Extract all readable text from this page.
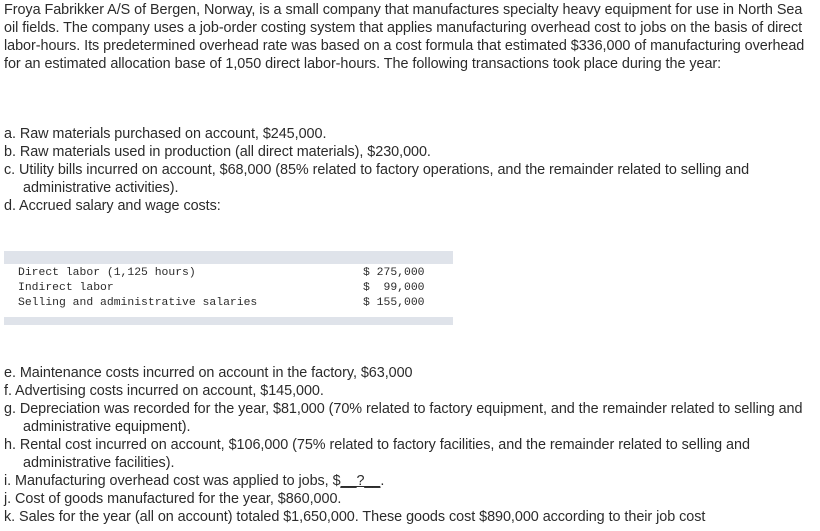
Froya Fabrikker A/S of Bergen, Norway, is a small company that manufactures specialty heavy equipment for use in North Sea oil fields. The company uses a job-order costing system that applies manufacturing overhead cost to jobs on the basis of direct labor-hours. Its predetermined overhead rate was based on a cost formula that estimated $336,000 of manufacturing overhead for an estimated allocation base of 1,050 direct labor-hours. The following transactions took place during the year:

a. Raw materials purchased on account, $245,000.
b. Raw materials used in production (all direct materials), $230,000.
c. Utility bills incurred on account, $68,000 (85% related to factory operations, and the remainder related to selling and administrative activities).
d. Accrued salary and wage costs:
Direct labor (1,125 hours)	$ 275,000
Indirect labor	$  99,000
Selling and administrative salaries	$ 155,000
e. Maintenance costs incurred on account in the factory, $63,000
f. Advertising costs incurred on account, $145,000.
g. Depreciation was recorded for the year, $81,000 (70% related to factory equipment, and the remainder related to selling and administrative equipment).
h. Rental cost incurred on account, $106,000 (75% related to factory facilities, and the remainder related to selling and administrative facilities).
i. Manufacturing overhead cost was applied to jobs, $__?__.
j. Cost of goods manufactured for the year, $860,000.
k. Sales for the year (all on account) totaled $1,650,000. These goods cost $890,000 according to their job cost
